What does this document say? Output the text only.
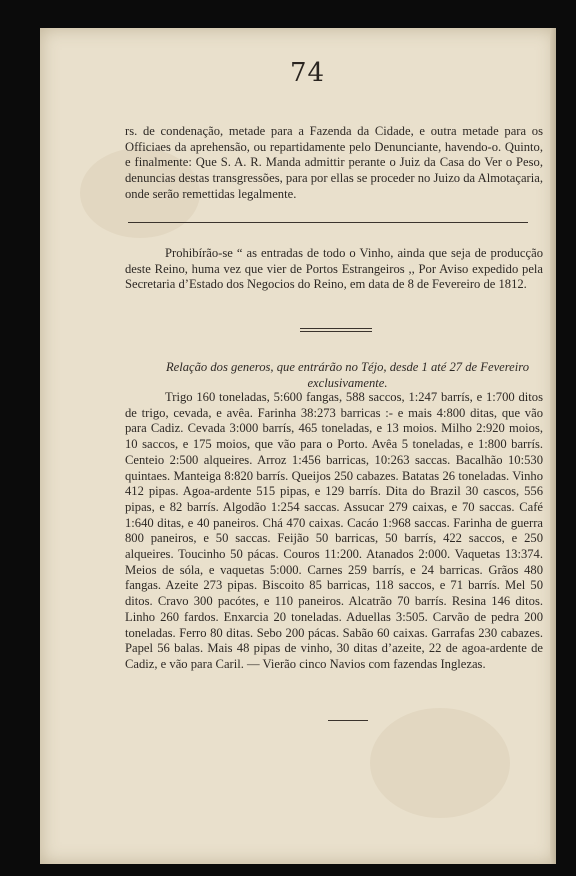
74

rs. de condenação, metade para a Fazenda da Cidade, e outra metade para os Officiaes da aprehensão, ou repartidamente pelo Denunciante, havendo-o. Quinto, e finalmente: Que S. A. R. Manda admittir perante o Juiz da Casa do Ver o Peso, denuncias destas transgressões, para por ellas se proceder no Juizo da Almotaçaria, onde serão remettidas legalmente.

Prohibírão-se “ as entradas de todo o Vinho, ainda que seja de producção deste Reino, huma vez que vier de Portos Estrangeiros ,, Por Aviso expedido pela Secretaria d’Estado dos Negocios do Reino, em data de 8 de Fevereiro de 1812.

Relação dos generos, que entrárão no Téjo, desde 1 até 27 de Fevereiro exclusivamente.

Trigo 160 toneladas, 5:600 fangas, 588 saccos, 1:247 barrís, e 1:700 ditos de trigo, cevada, e avêa. Farinha 38:273 barricas :- e mais 4:800 ditas, que vão para Cadiz. Cevada 3:000 barrís, 465 toneladas, e 13 moios. Milho 2:920 moios, 10 saccos, e 175 moios, que vão para o Porto. Avêa 5 toneladas, e 1:800 barrís. Centeio 2:500 alqueires. Arroz 1:456 barricas, 10:263 saccas. Bacalhão 10:530 quintaes. Manteiga 8:820 barrís. Queijos 250 cabazes. Batatas 26 toneladas. Vinho 412 pipas. Agoa-ardente 515 pipas, e 129 barrís. Dita do Brazil 30 cascos, 556 pipas, e 82 barrís. Algodão 1:254 saccas. Assucar 279 caixas, e 70 saccas. Café 1:640 ditas, e 40 paneiros. Chá 470 caixas. Cacáo 1:968 saccas. Farinha de guerra 800 paneiros, e 50 saccas. Feijão 50 barricas, 50 barrís, 422 saccos, e 250 alqueires. Toucinho 50 pácas. Couros 11:200. Atanados 2:000. Vaquetas 13:374. Meios de sóla, e vaquetas 5:000. Carnes 259 barrís, e 24 barricas. Grãos 480 fangas. Azeite 273 pipas. Biscoito 85 barricas, 118 saccos, e 71 barrís. Mel 50 ditos. Cravo 300 pacótes, e 110 paneiros. Alcatrão 70 barrís. Resina 146 ditos. Linho 260 fardos. Enxarcia 20 toneladas. Aduellas 3:505. Carvão de pedra 200 toneladas. Ferro 80 ditas. Sebo 200 pácas. Sabão 60 caixas. Garrafas 230 cabazes. Papel 56 balas. Mais 48 pipas de vinho, 30 ditas d’azeite, 22 de agoa-ardente de Cadiz, e vão para Caril. — Vierão cinco Navios com fazendas Inglezas.
